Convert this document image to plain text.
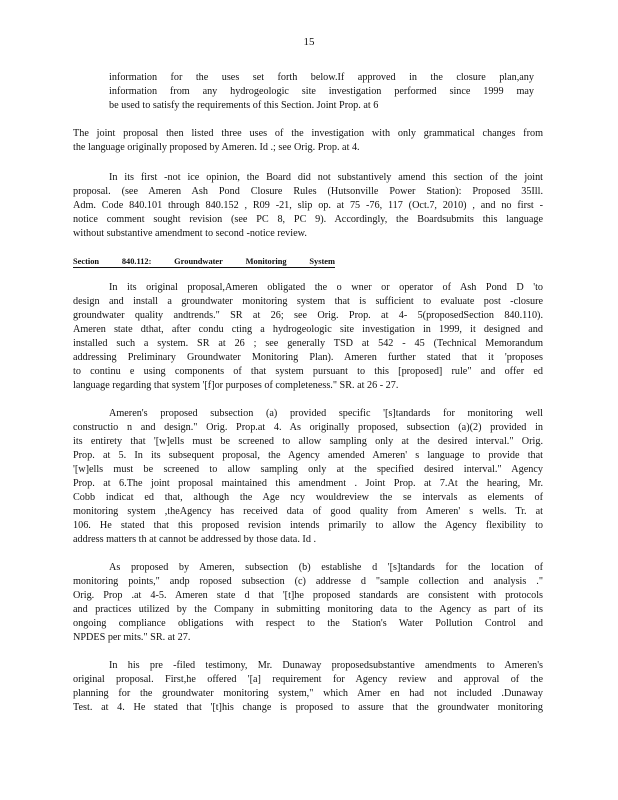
15
information for the uses set forth below.If approved in the closure plan,any
information from any hydrogeologic site investigation performed since 1999 may
be used to satisfy the requirements of this Section. Joint Prop. at 6
The joint proposal then listed three uses of the investigation with only grammatical changes from
the language originally proposed by Ameren. Id .; see Orig. Prop. at 4.
In its first -not ice opinion, the Board did not substantively amend this section of the joint
proposal. (see Ameren Ash Pond Closure Rules (Hutsonville Power Station): Proposed 35Ill.
Adm. Code 840.101 through 840.152 , R09 -21, slip op. at 75 -76, 117 (Oct.7, 2010) , and no first -
notice comment sought revision (see PC 8, PC 9). Accordingly, the Boardsubmits this language
without substantive amendment to second -notice review.
Section	840.112:	Groundwater	Monitoring	System
In its original proposal,Ameren obligated the o wner or operator of Ash Pond D 'to
design and install a groundwater monitoring system that is sufficient to evaluate post -closure
groundwater quality andtrends." SR at 26; see Orig. Prop. at 4- 5(proposedSection 840.110).
Ameren state dthat, after condu cting a hydrogeologic site investigation in 1999, it designed and
installed such a system. SR at 26 ; see generally TSD at 542 - 45 (Technical Memorandum
addressing Preliminary Groundwater Monitoring Plan). Ameren further stated that it 'proposes
to continu e using components of that system pursuant to this [proposed] rule" and offer ed
language regarding that system '[f]or purposes of completeness." SR. at 26 - 27.
Ameren's proposed subsection (a) provided specific '[s]tandards for monitoring well
constructio n and design." Orig. Prop.at 4. As originally proposed, subsection (a)(2) provided in
its entirety that '[w]ells must be screened to allow sampling only at the desired interval." Orig.
Prop. at 5. In its subsequent proposal, the Agency amended Ameren' s language to provide that
'[w]ells must be screened to allow sampling only at the specified desired interval." Agency
Prop. at 6.The joint proposal maintained this amendment . Joint Prop. at 7.At the hearing, Mr.
Cobb indicat ed that, although the Age ncy wouldreview the se intervals as elements of
monitoring system ,theAgency has received data of good quality from Ameren' s wells. Tr. at
106. He stated that this proposed revision intends primarily to allow the Agency flexibility to
address matters th at cannot be addressed by those data. Id .
As proposed by Ameren, subsection (b) establishe d '[s]tandards for the location of
monitoring points," andp roposed subsection (c) addresse d "sample collection and analysis ."
Orig. Prop .at 4-5. Ameren state d that '[t]he proposed standards are consistent with protocols
and practices utilized by the Company in submitting monitoring data to the Agency as part of its
ongoing compliance obligations with respect to the Station's Water Pollution Control and
NPDES per mits." SR. at 27.
In his pre -filed testimony, Mr. Dunaway proposedsubstantive amendments to Ameren's
original proposal. First,he offered '[a] requirement for Agency review and approval of the
planning for the groundwater monitoring system," which Amer en had not included .Dunaway
Test. at 4. He stated that '[t]his change is proposed to assure that the groundwater monitoring
